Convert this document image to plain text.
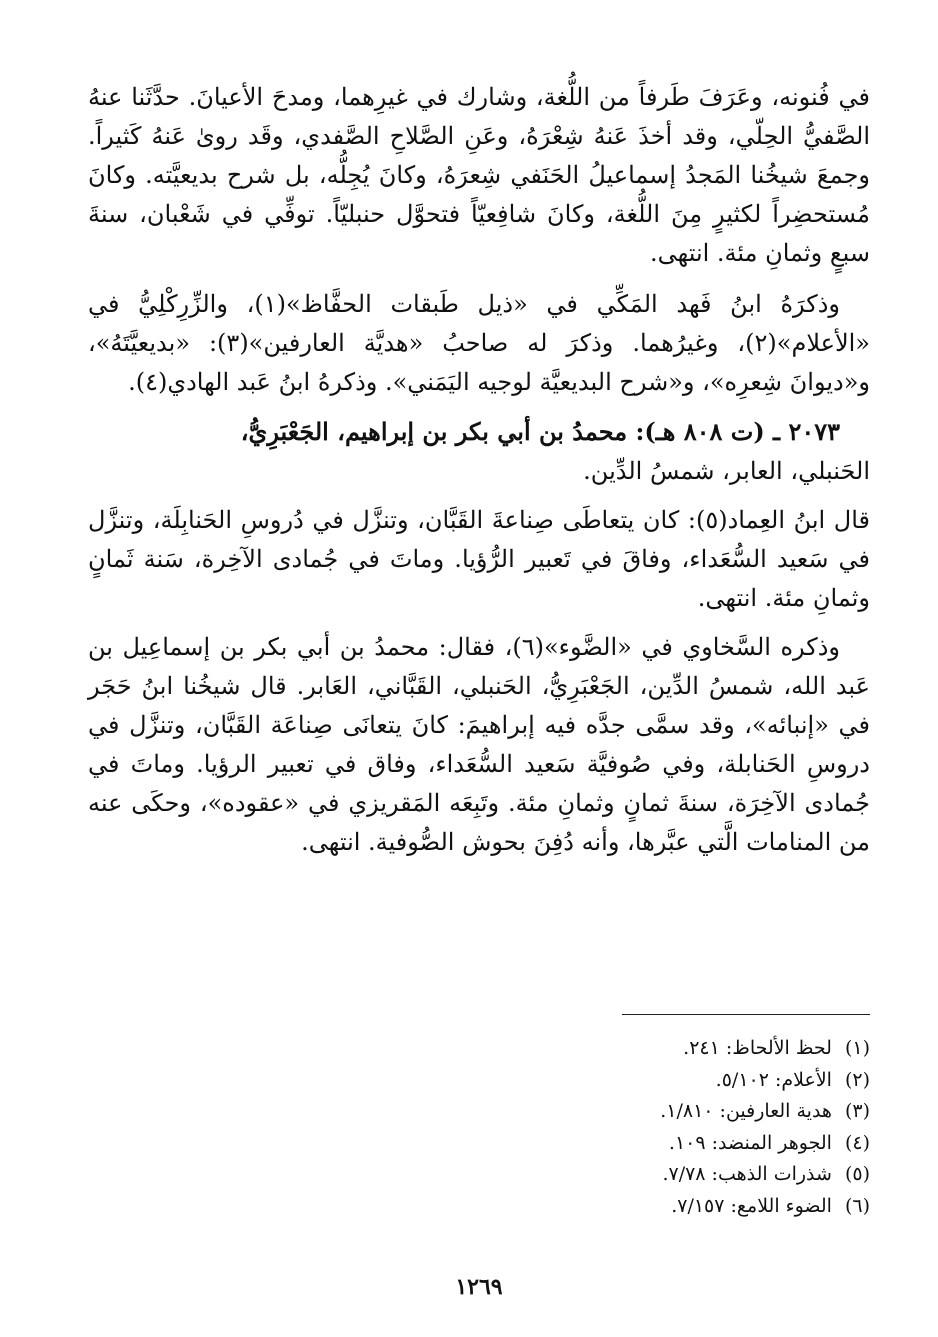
في فُنونه، وعَرَفَ طَرفاً من اللُّغة، وشارك في غيرِهما، ومدحَ الأعيانَ. حدَّثَنا عنهُ الصَّفيُّ الحِلّي، وقد أخذَ عَنهُ شِعْرَهُ، وعَنِ الصَّلاحِ الصَّفدي، وقَد روىٰ عَنهُ كَثيراً. وجمعَ شيخُنا المَجدُ إسماعيلُ الحَنَفي شِعرَهُ، وكانَ يُجِلُّه، بل شرح بديعيَّته. وكانَ مُستحضِراً لكثيرٍ مِنَ اللُّغة، وكانَ شافِعيّاً فتحوَّل حنبليّاً. توفِّي في شَعْبان، سنةَ سبعٍ وثمانِ مئة. انتهى.

وذكرَهُ ابنُ فَهد المَكِّي في «ذيل طَبقات الحفَّاظ»(١)، والزِّرِكْلِيُّ في «الأعلام»(٢)، وغيرُهما. وذكرَ له صاحبُ «هديَّة العارفين»(٣): «بديعيَّتَهُ»، و«ديوانَ شِعرِه»، و«شرح البديعيَّة لوجيه اليَمَني». وذكرهُ ابنُ عَبد الهادي(٤).

٢٠٧٣ ـ (ت ٨٠٨ هـ): محمدُ بن أبي بكر بن إبراهيم، الجَعْبَرِيُّ،
الحَنبلي، العابر، شمسُ الدِّين.

قال ابنُ العِماد(٥): كان يتعاطَى صِناعةَ القَبَّان، وتنزَّل في دُروسِ الحَنابِلَة، وتنزَّل في سَعيد السُّعَداء، وفاقَ في تَعبير الرُّؤيا. وماتَ في جُمادى الآخِرة، سَنة ثَمانٍ وثمانِ مئة. انتهى.

وذكره السَّخاوي في «الضَّوء»(٦)، فقال: محمدُ بن أبي بكر بن إسماعِيل بن عَبد الله، شمسُ الدِّين، الجَعْبَرِيُّ، الحَنبلي، القَبَّاني، العَابر. قال شيخُنا ابنُ حَجَر في «إنبائه»، وقد سمَّى جدَّه فيه إبراهيمَ: كانَ يتعانَى صِناعَة القَبَّان، وتنزَّل في دروسِ الحَنابلة، وفي صُوفيَّة سَعيد السُّعَداء، وفاق في تعبير الرؤيا. وماتَ في جُمادى الآخِرَة، سنةَ ثمانٍ وثمانِ مئة. وتَبِعَه المَقريزي في «عقوده»، وحكَى عنه من المنامات الَّتي عبَّرها، وأنه دُفِنَ بحوش الصُّوفية. انتهى.

(١) لحظ الألحاظ: ٢٤١.
(٢) الأعلام: ٥/١٠٢.
(٣) هدية العارفين: ١/٨١٠.
(٤) الجوهر المنضد: ١٠٩.
(٥) شذرات الذهب: ٧/٧٨.
(٦) الضوء اللامع: ٧/١٥٧.
١٢٦٩
